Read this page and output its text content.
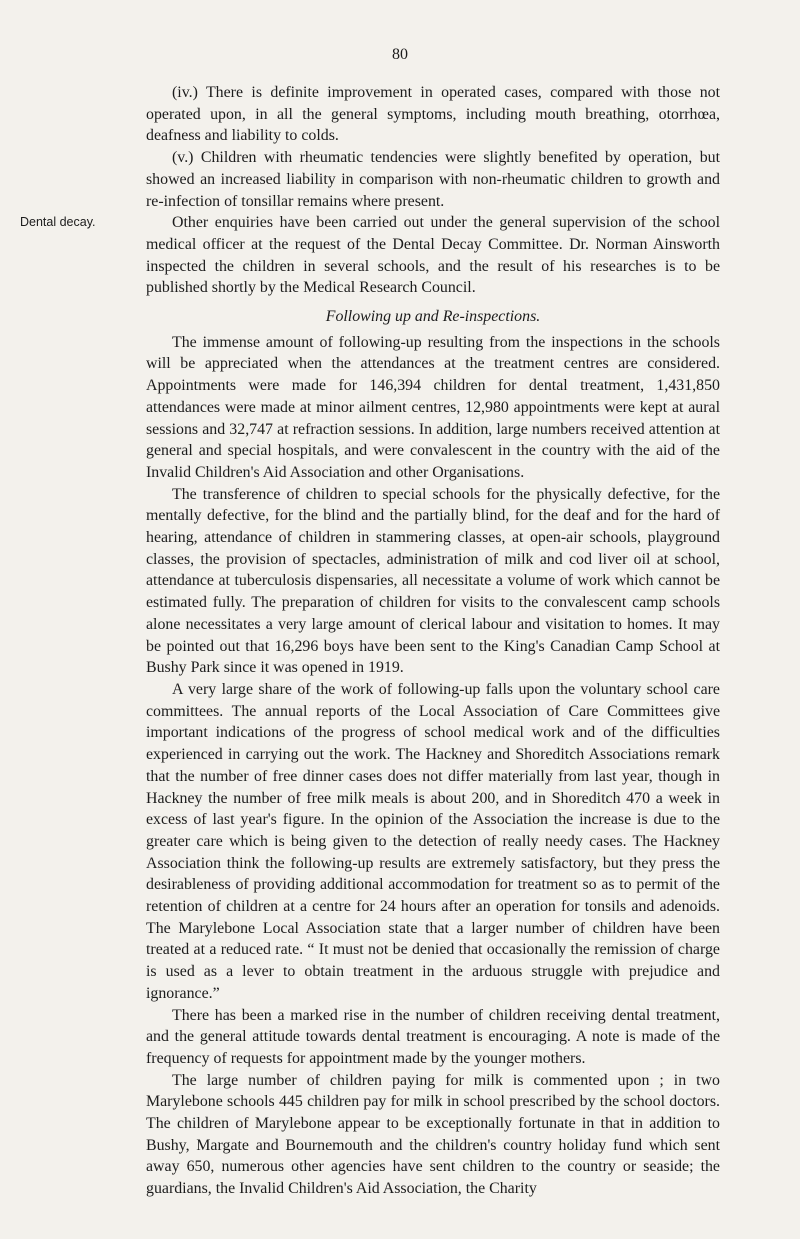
80
Dental decay.

(iv.) There is definite improvement in operated cases, compared with those not operated upon, in all the general symptoms, including mouth breathing, otorrhœa, deafness and liability to colds.

(v.) Children with rheumatic tendencies were slightly benefited by operation, but showed an increased liability in comparison with non-rheumatic children to growth and re-infection of tonsillar remains where present.

Other enquiries have been carried out under the general supervision of the school medical officer at the request of the Dental Decay Committee. Dr. Norman Ainsworth inspected the children in several schools, and the result of his researches is to be published shortly by the Medical Research Council.

Following up and Re-inspections.

The immense amount of following-up resulting from the inspections in the schools will be appreciated when the attendances at the treatment centres are considered. Appointments were made for 146,394 children for dental treatment, 1,431,850 attendances were made at minor ailment centres, 12,980 appointments were kept at aural sessions and 32,747 at refraction sessions. In addition, large numbers received attention at general and special hospitals, and were convalescent in the country with the aid of the Invalid Children's Aid Association and other Organisations.

The transference of children to special schools for the physically defective, for the mentally defective, for the blind and the partially blind, for the deaf and for the hard of hearing, attendance of children in stammering classes, at open-air schools, playground classes, the provision of spectacles, administration of milk and cod liver oil at school, attendance at tuberculosis dispensaries, all necessitate a volume of work which cannot be estimated fully. The preparation of children for visits to the convalescent camp schools alone necessitates a very large amount of clerical labour and visitation to homes. It may be pointed out that 16,296 boys have been sent to the King's Canadian Camp School at Bushy Park since it was opened in 1919.

A very large share of the work of following-up falls upon the voluntary school care committees. The annual reports of the Local Association of Care Committees give important indications of the progress of school medical work and of the difficulties experienced in carrying out the work. The Hackney and Shoreditch Associations remark that the number of free dinner cases does not differ materially from last year, though in Hackney the number of free milk meals is about 200, and in Shoreditch 470 a week in excess of last year's figure. In the opinion of the Association the increase is due to the greater care which is being given to the detection of really needy cases. The Hackney Association think the following-up results are extremely satisfactory, but they press the desirableness of providing additional accommodation for treatment so as to permit of the retention of children at a centre for 24 hours after an operation for tonsils and adenoids. The Marylebone Local Association state that a larger number of children have been treated at a reduced rate. “ It must not be denied that occasionally the remission of charge is used as a lever to obtain treatment in the arduous struggle with prejudice and ignorance.”

There has been a marked rise in the number of children receiving dental treatment, and the general attitude towards dental treatment is encouraging. A note is made of the frequency of requests for appointment made by the younger mothers.

The large number of children paying for milk is commented upon ; in two Marylebone schools 445 children pay for milk in school prescribed by the school doctors. The children of Marylebone appear to be exceptionally fortunate in that in addition to Bushy, Margate and Bournemouth and the children's country holiday fund which sent away 650, numerous other agencies have sent children to the country or seaside; the guardians, the Invalid Children's Aid Association, the Charity
